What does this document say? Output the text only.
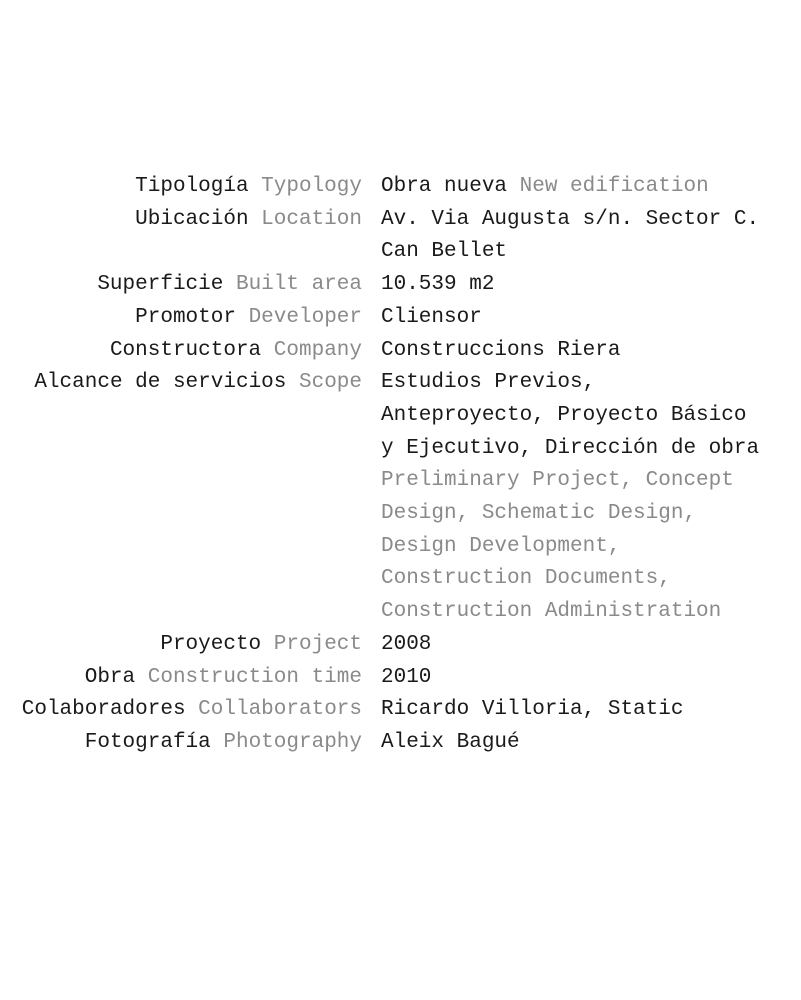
Tipología Typology Obra nueva New edification
Ubicación Location Av. Via Augusta s/n. Sector C. Can Bellet
Superficie Built area 10.539 m2
Promotor Developer Cliensor
Constructora Company Construccions Riera
Alcance de servicios Scope Estudios Previos, Anteproyecto, Proyecto Básico y Ejecutivo, Dirección de obra
Preliminary Project, Concept Design, Schematic Design, Design Development, Construction Documents, Construction Administration
Proyecto Project 2008
Obra Construction time 2010
Colaboradores Collaborators Ricardo Villoria, Static
Fotografía Photography Aleix Bagué
